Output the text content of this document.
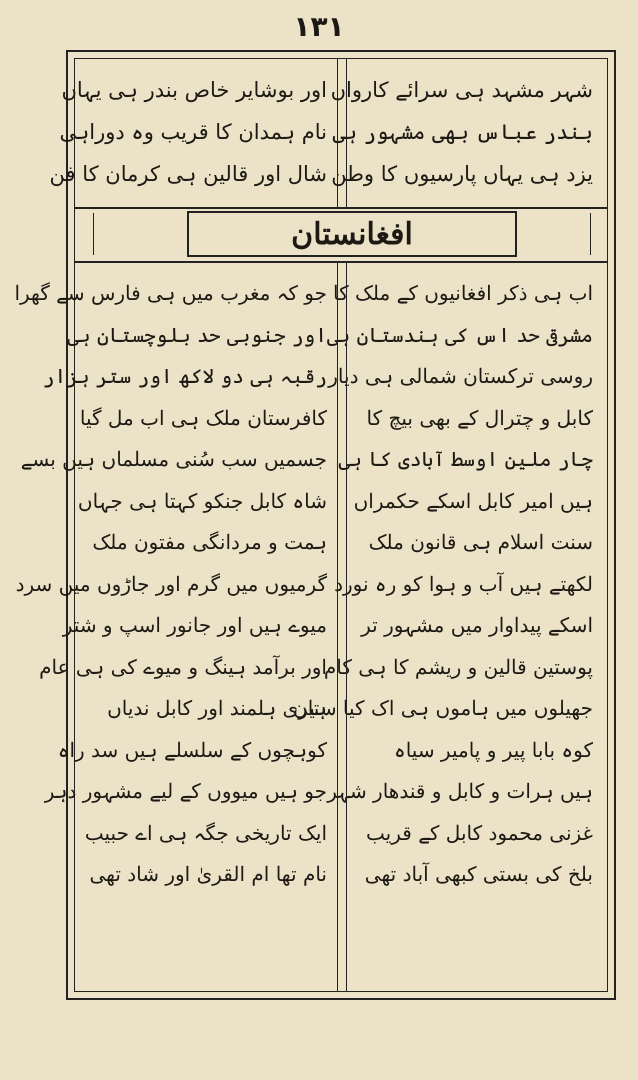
۱۳۱
شہر مشہد ہی سرائے کارواں
بندر عباس بھی مشہور ہی
یزد ہی یہاں پارسیوں کا وطن
اور بوشایر خاص بندر ہی یہاں
نام ہمدان کا قریب وہ دوراہی
شال اور قالین ہی کرمان کا فن
افغانستان
اب ہی ذکر افغانیوں کے ملک کا
مشرقی حد اس کی ہندستان ہی
روسی ترکستان شمالی ہی دیار
کابل و چترال کے بھی بیچ کا
چار ملین اوسط آبادی کا ہی
ہیں امیر کابل اسکے حکمراں
سنت اسلام ہی قانون ملک
لکھتے ہیں آب و ہوا کو رہ نورد
اسکے پیداوار میں مشہور تر
پوستین قالین و ریشم کا ہی کام
جھیلوں میں ہاموں ہی اک کیا ستان
کوہ بابا پیر و پامیر سیاہ
ہیں ہرات و کابل و قندھار شہر
غزنی محمود کابل کے قریب
بلخ کی بستی کبھی آباد تھی
جو کہ مغرب میں ہی فارس سے گھرا
اور جنوبی حد بلوچستان ہی
رقبہ ہی دو لاکھ اور ستر ہزار
کافرستان ملک ہی اب مل گیا
جسمیں سب سُنی مسلماں ہیں بسے
شاہ کابل جنکو کہتا ہی جہاں
ہمت و مردانگی مفتون ملک
گرمیوں میں گرم اور جاڑوں میں سرد
میوے ہیں اور جانور اسپ و شتر
اور برآمد ہینگ و میوے کی ہی عام
ہیری ہلمند اور کابل ندیاں
کوہچوں کے سلسلے ہیں سد راہ
جو ہیں میووں کے لیے مشہور دہر
ایک تاریخی جگہ ہی اے حبیب
نام تھا ام القریٰ اور شاد تھی
